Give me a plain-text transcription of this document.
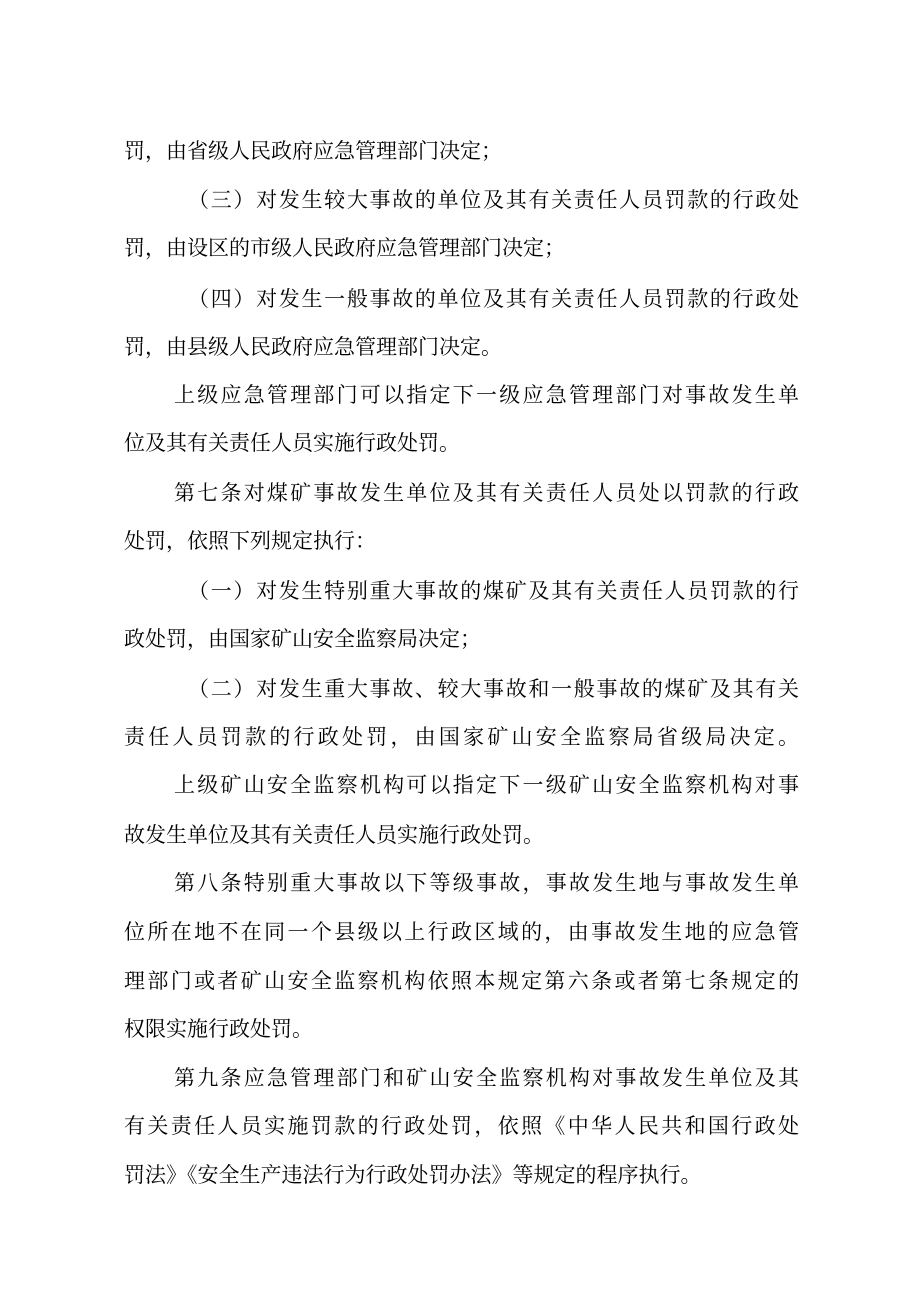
罚，由省级人民政府应急管理部门决定；
（三）对发生较大事故的单位及其有关责任人员罚款的行政处
罚，由设区的市级人民政府应急管理部门决定；
（四）对发生一般事故的单位及其有关责任人员罚款的行政处
罚，由县级人民政府应急管理部门决定。
上级应急管理部门可以指定下一级应急管理部门对事故发生单
位及其有关责任人员实施行政处罚。
第七条对煤矿事故发生单位及其有关责任人员处以罚款的行政
处罚，依照下列规定执行：
（一）对发生特别重大事故的煤矿及其有关责任人员罚款的行
政处罚，由国家矿山安全监察局决定；
（二）对发生重大事故、较大事故和一般事故的煤矿及其有关
责任人员罚款的行政处罚，由国家矿山安全监察局省级局决定。
上级矿山安全监察机构可以指定下一级矿山安全监察机构对事
故发生单位及其有关责任人员实施行政处罚。
第八条特别重大事故以下等级事故，事故发生地与事故发生单
位所在地不在同一个县级以上行政区域的，由事故发生地的应急管
理部门或者矿山安全监察机构依照本规定第六条或者第七条规定的
权限实施行政处罚。
第九条应急管理部门和矿山安全监察机构对事故发生单位及其
有关责任人员实施罚款的行政处罚，依照《中华人民共和国行政处
罚法》《安全生产违法行为行政处罚办法》等规定的程序执行。
